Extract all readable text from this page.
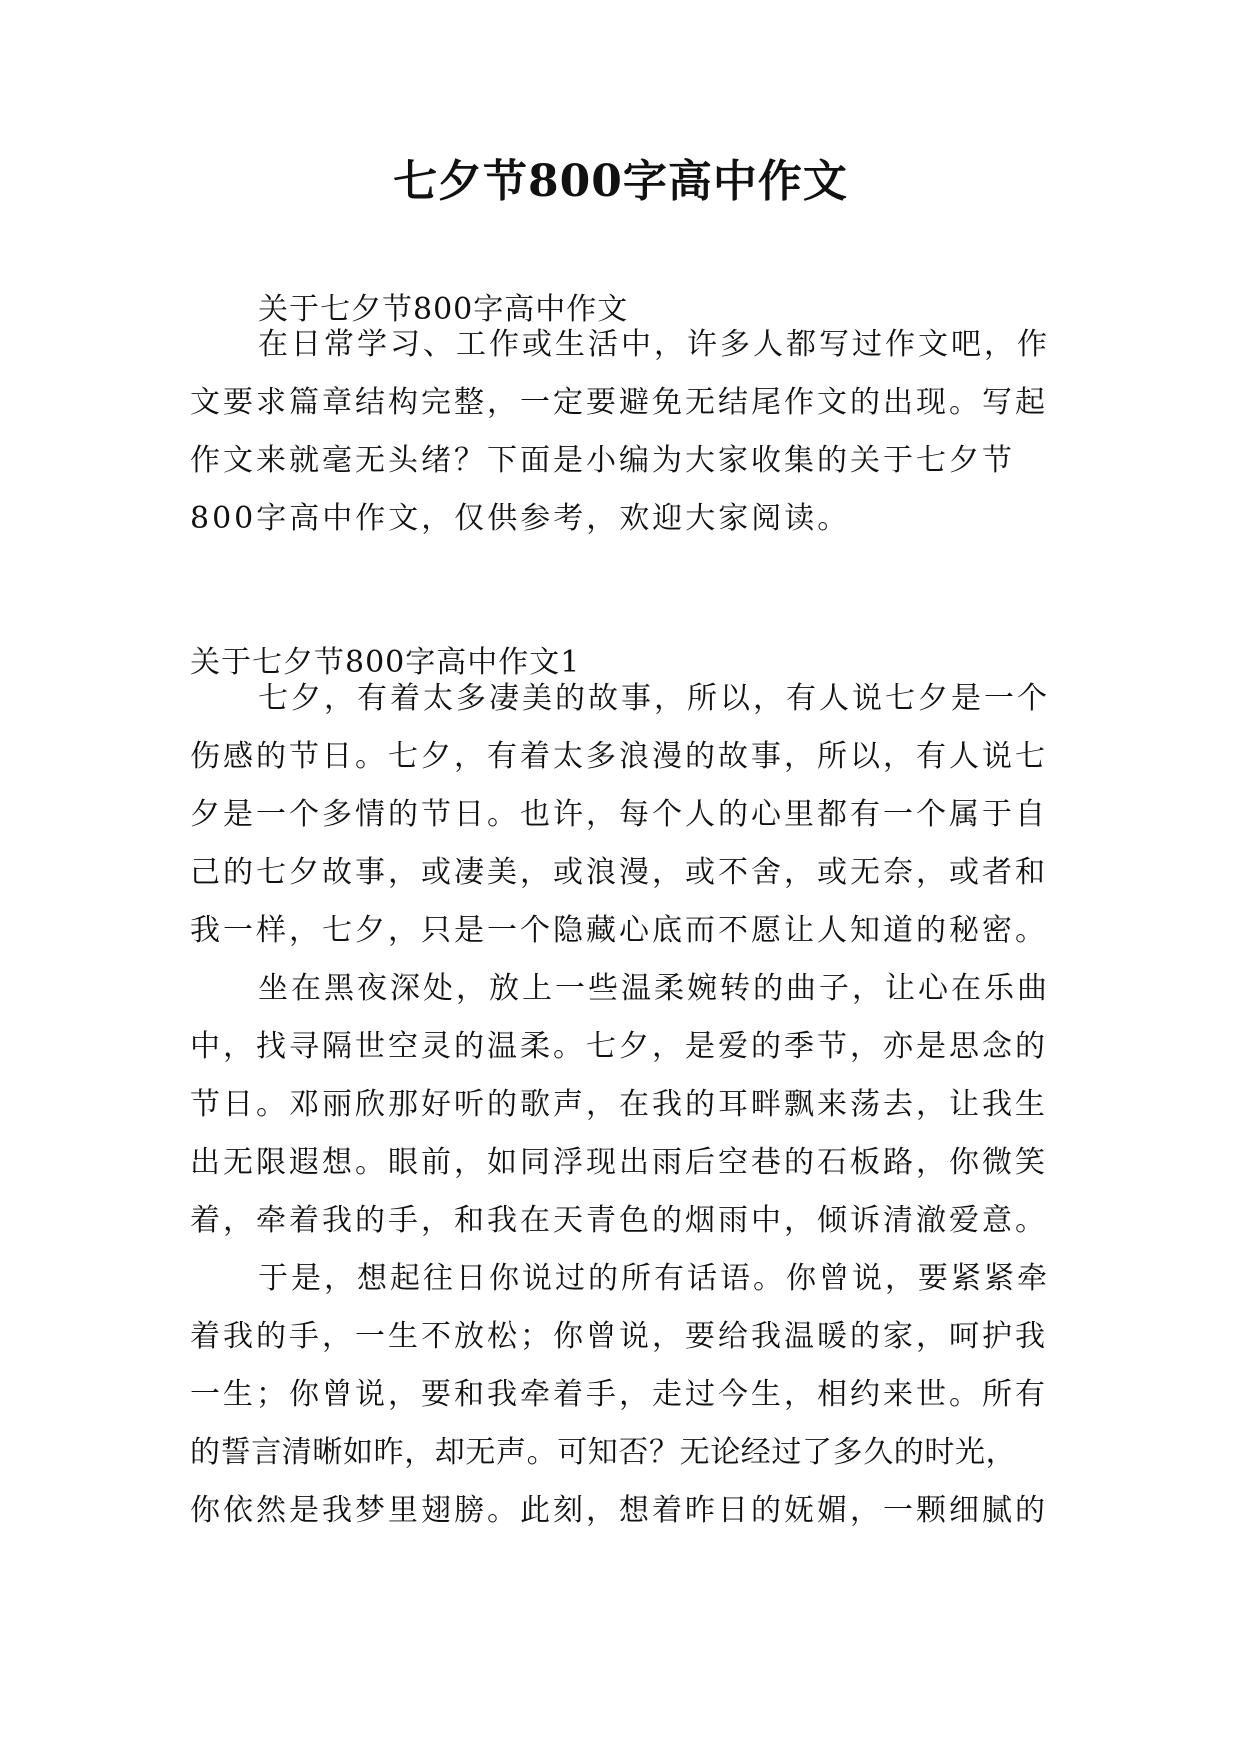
七夕节800字高中作文
关于七夕节800字高中作文
在日常学习、工作或生活中，许多人都写过作文吧，作
文要求篇章结构完整，一定要避免无结尾作文的出现。写起
作文来就毫无头绪？下面是小编为大家收集的关于七夕节
800字高中作文，仅供参考，欢迎大家阅读。
关于七夕节800字高中作文1
七夕，有着太多凄美的故事，所以，有人说七夕是一个
伤感的节日。七夕，有着太多浪漫的故事，所以，有人说七
夕是一个多情的节日。也许，每个人的心里都有一个属于自
己的七夕故事，或凄美，或浪漫，或不舍，或无奈，或者和
我一样，七夕，只是一个隐藏心底而不愿让人知道的秘密。
坐在黑夜深处，放上一些温柔婉转的曲子，让心在乐曲
中，找寻隔世空灵的温柔。七夕，是爱的季节，亦是思念的
节日。邓丽欣那好听的歌声，在我的耳畔飘来荡去，让我生
出无限遐想。眼前，如同浮现出雨后空巷的石板路，你微笑
着，牵着我的手，和我在天青色的烟雨中，倾诉清澈爱意。
于是，想起往日你说过的所有话语。你曾说，要紧紧牵
着我的手，一生不放松；你曾说，要给我温暖的家，呵护我
一生；你曾说，要和我牵着手，走过今生，相约来世。所有
的誓言清晰如昨，却无声。可知否？无论经过了多久的时光，
你依然是我梦里翅膀。此刻，想着昨日的妩媚，一颗细腻的
